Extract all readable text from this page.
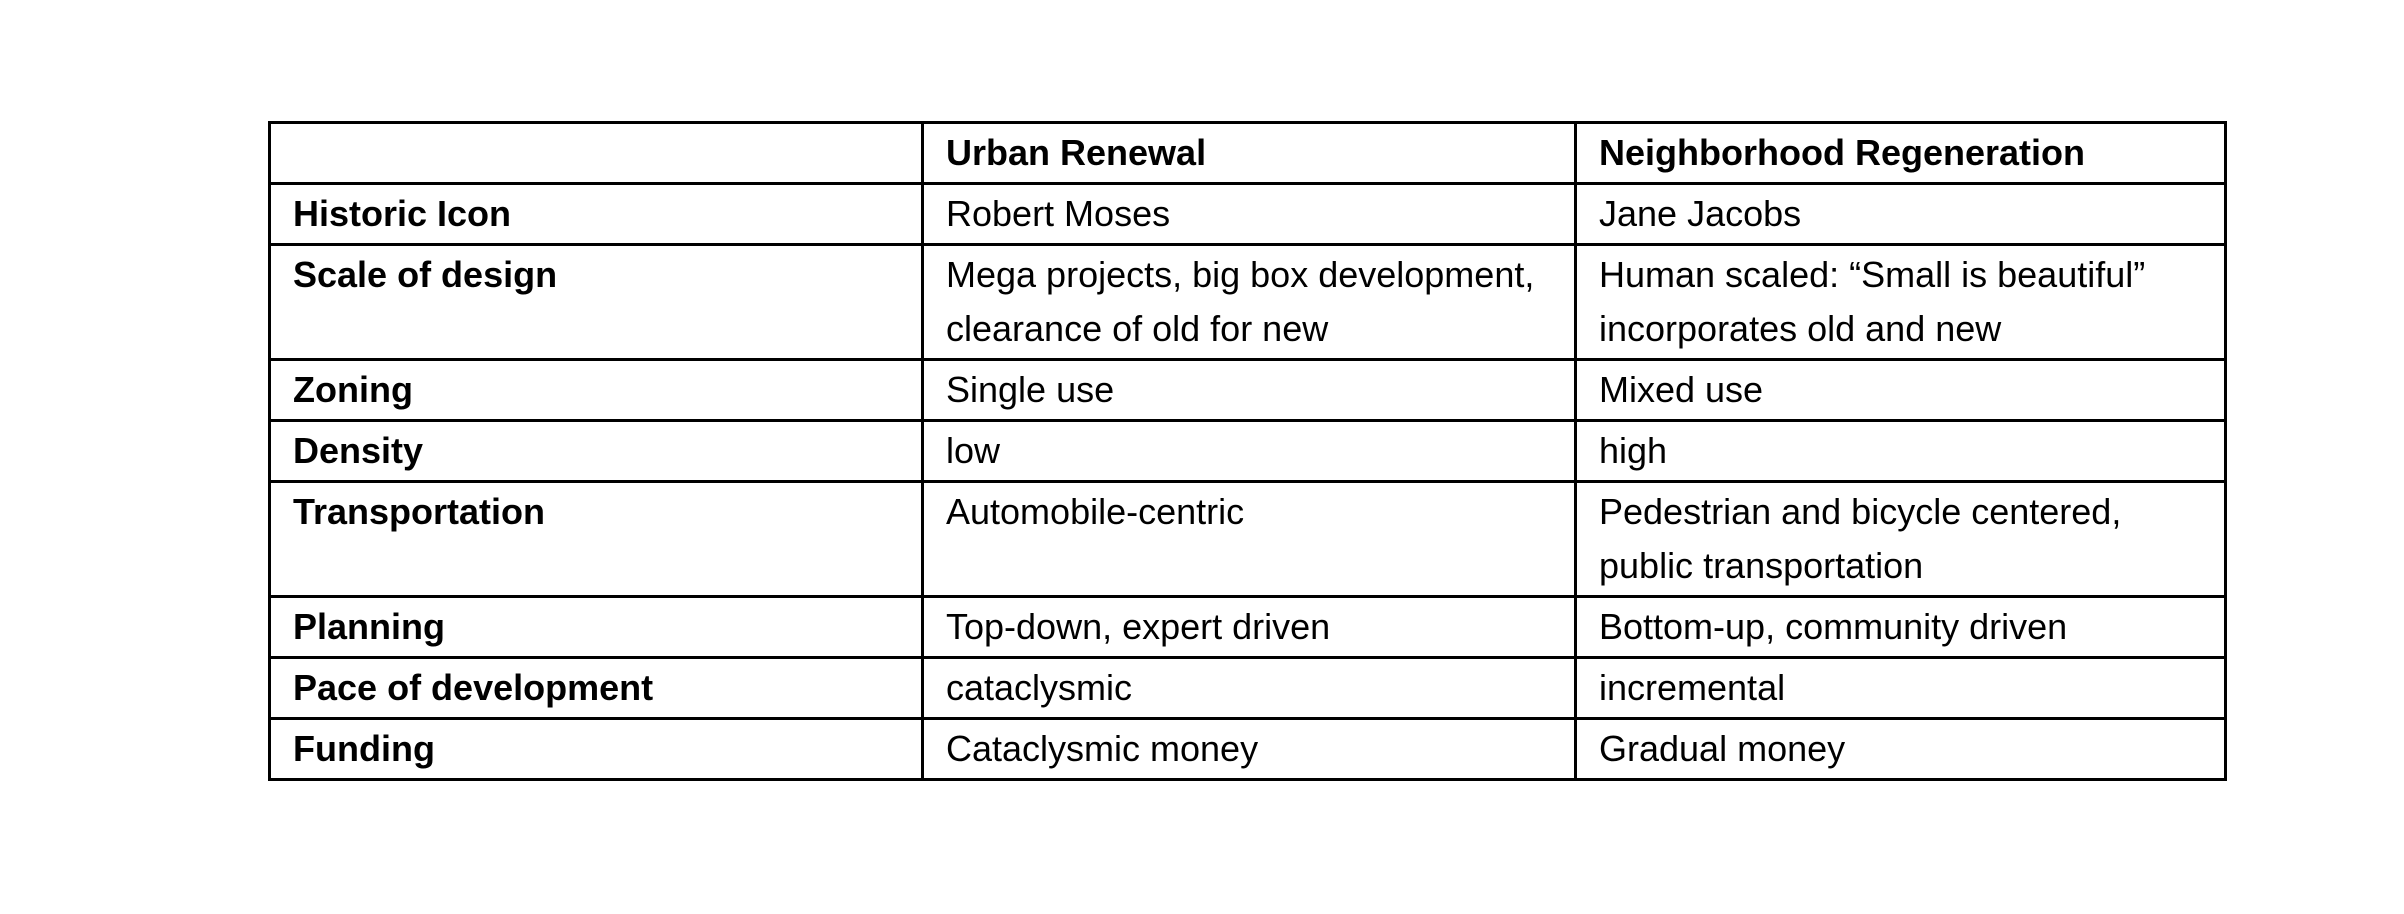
	Urban Renewal	Neighborhood Regeneration
Historic Icon	Robert Moses	Jane Jacobs
Scale of design	Mega projects, big box development, clearance of old for new	Human scaled: “Small is beautiful” incorporates old and new
Zoning	Single use	Mixed use
Density	low	high
Transportation	Automobile-centric	Pedestrian and bicycle centered, public transportation
Planning	Top-down, expert driven	Bottom-up, community driven
Pace of development	cataclysmic	incremental
Funding	Cataclysmic money	Gradual money
